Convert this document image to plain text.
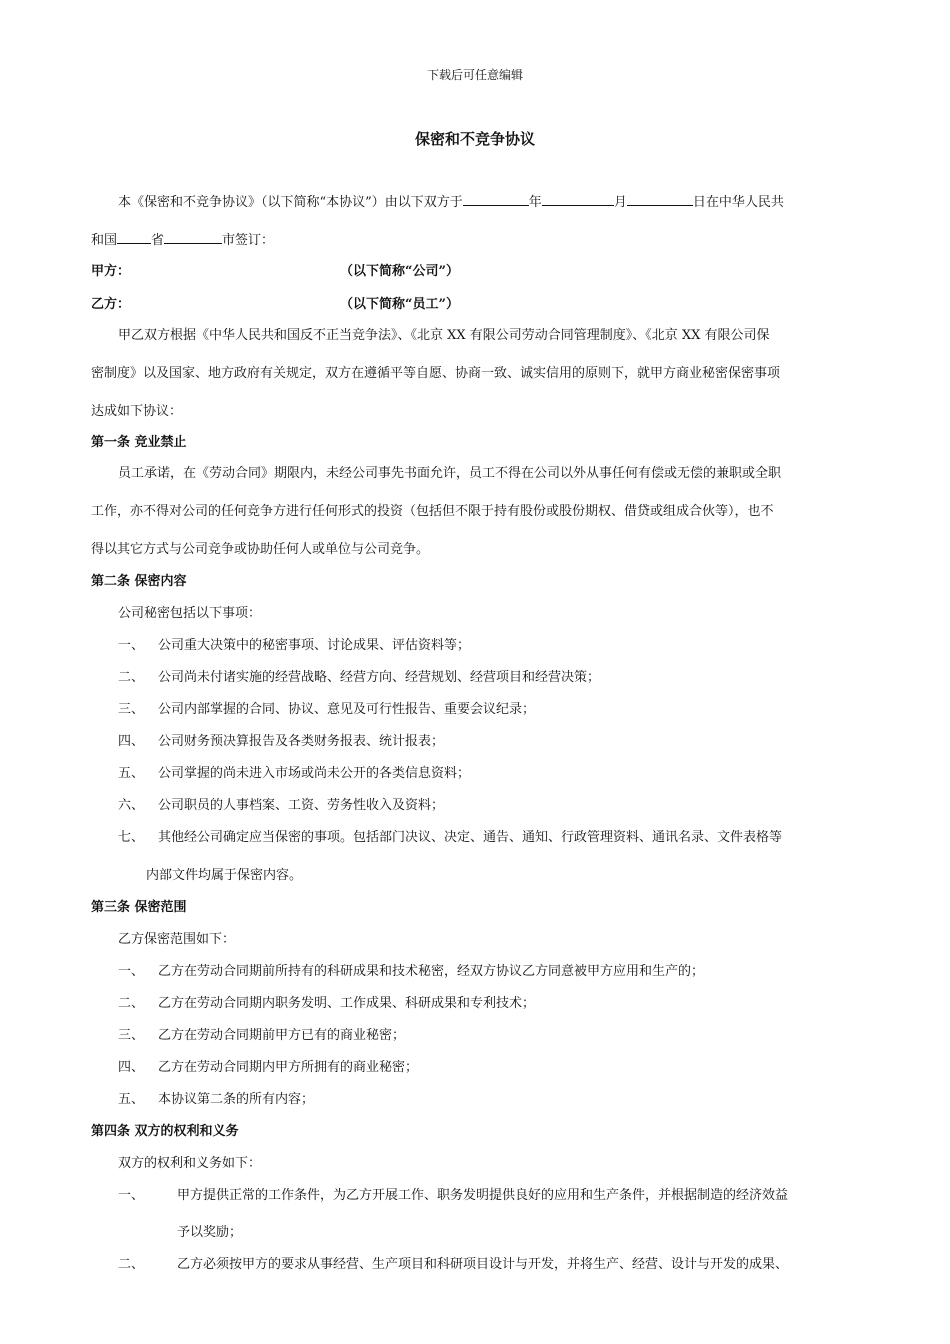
下载后可任意编辑
保密和不竞争协议
本《保密和不竞争协议》（以下简称“本协议”）由以下双方于	年	月	日在中华人民共
和国	省	市签订：
甲方：	（以下简称“公司”）
乙方：	（以下简称“员工”）
甲乙双方根据《中华人民共和国反不正当竞争法》、《北京 XX 有限公司劳动合同管理制度》、《北京 XX 有限公司保
密制度》以及国家、地方政府有关规定，双方在遵循平等自愿、协商一致、诚实信用的原则下，就甲方商业秘密保密事项
达成如下协议：
第一条 竞业禁止
员工承诺，在《劳动合同》期限内，未经公司事先书面允许，员工不得在公司以外从事任何有偿或无偿的兼职或全职
工作，亦不得对公司的任何竞争方进行任何形式的投资（包括但不限于持有股份或股份期权、借贷或组成合伙等），也不
得以其它方式与公司竞争或协助任何人或单位与公司竞争。
第二条 保密内容
公司秘密包括以下事项：
一、 公司重大决策中的秘密事项、讨论成果、评估资料等；
二、 公司尚未付诸实施的经营战略、经营方向、经营规划、经营项目和经营决策；
三、 公司内部掌握的合同、协议、意见及可行性报告、重要会议纪录；
四、 公司财务预决算报告及各类财务报表、统计报表；
五、 公司掌握的尚未进入市场或尚未公开的各类信息资料；
六、 公司职员的人事档案、工资、劳务性收入及资料；
七、 其他经公司确定应当保密的事项。包括部门决议、决定、通告、通知、行政管理资料、通讯名录、文件表格等
内部文件均属于保密内容。
第三条 保密范围
乙方保密范围如下：
一、 乙方在劳动合同期前所持有的科研成果和技术秘密，经双方协议乙方同意被甲方应用和生产的；
二、 乙方在劳动合同期内职务发明、工作成果、科研成果和专利技术；
三、 乙方在劳动合同期前甲方已有的商业秘密；
四、 乙方在劳动合同期内甲方所拥有的商业秘密；
五、 本协议第二条的所有内容；
第四条 双方的权利和义务
双方的权利和义务如下：
一、	甲方提供正常的工作条件，为乙方开展工作、职务发明提供良好的应用和生产条件，并根据制造的经济效益
予以奖励；
二、	乙方必须按甲方的要求从事经营、生产项目和科研项目设计与开发，并将生产、经营、设计与开发的成果、
